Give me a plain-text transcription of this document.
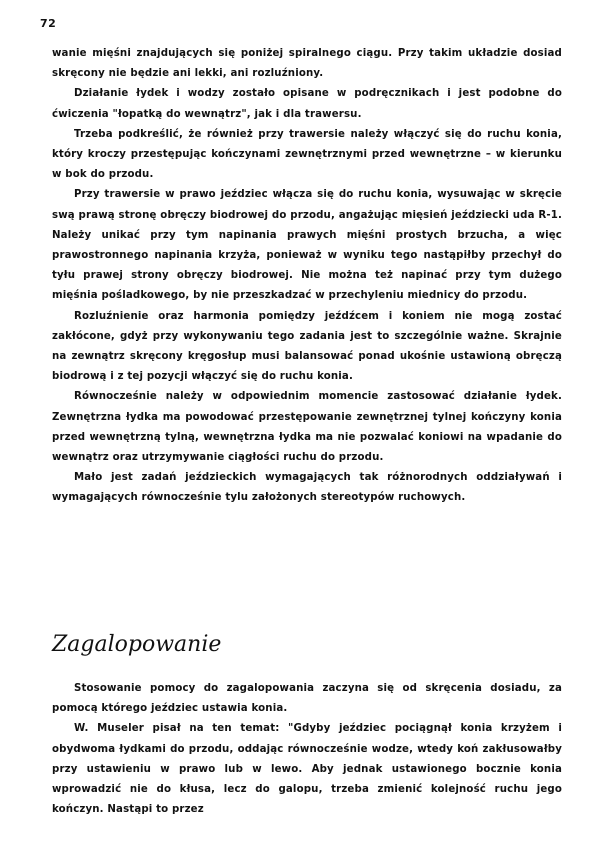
72

wanie mięśni znajdujących się poniżej spiralnego ciągu. Przy takim układzie dosiad skręcony nie będzie ani lekki, ani rozluźniony.

Działanie łydek i wodzy zostało opisane w podręcznikach i jest podobne do ćwiczenia "łopatką do wewnątrz", jak i dla trawersu.

Trzeba podkreślić, że również przy trawersie należy włączyć się do ruchu konia, który kroczy przestępując kończynami zewnętrznymi przed wewnętrzne – w kierunku w bok do przodu.

Przy trawersie w prawo jeździec włącza się do ruchu konia, wysuwając w skręcie swą prawą stronę obręczy biodrowej do przodu, angażując mięsień jeździecki uda R-1. Należy unikać przy tym napinania prawych mięśni prostych brzucha, a więc prawostronnego napinania krzyża, ponieważ w wyniku tego nastąpiłby przechył do tyłu prawej strony obręczy biodrowej. Nie można też napinać przy tym dużego mięśnia pośladkowego, by nie przeszkadzać w przechyleniu miednicy do przodu.

Rozluźnienie oraz harmonia pomiędzy jeźdźcem i koniem nie mogą zostać zakłócone, gdyż przy wykonywaniu tego zadania jest to szczególnie ważne. Skrajnie na zewnątrz skręcony kręgosłup musi balansować ponad ukośnie ustawioną obręczą biodrową i z tej pozycji włączyć się do ruchu konia.

Równocześnie należy w odpowiednim momencie zastosować działanie łydek. Zewnętrzna łydka ma powodować przestępowanie zewnętrznej tylnej kończyny konia przed wewnętrzną tylną, wewnętrzna łydka ma nie pozwalać koniowi na wpadanie do wewnątrz oraz utrzymywanie ciągłości ruchu do przodu.

Mało jest zadań jeździeckich wymagających tak różnorodnych oddziaływań i wymagających równocześnie tylu założonych stereotypów ruchowych.

Zagalopowanie

Stosowanie pomocy do zagalopowania zaczyna się od skręcenia dosiadu, za pomocą którego jeździec ustawia konia.

W. Museler pisał na ten temat: "Gdyby jeździec pociągnął konia krzyżem i obydwoma łydkami do przodu, oddając równocześnie wodze, wtedy koń zakłusowałby przy ustawieniu w prawo lub w lewo. Aby jednak ustawionego bocznie konia wprowadzić nie do kłusa, lecz do galopu, trzeba zmienić kolejność ruchu jego kończyn. Nastąpi to przez
